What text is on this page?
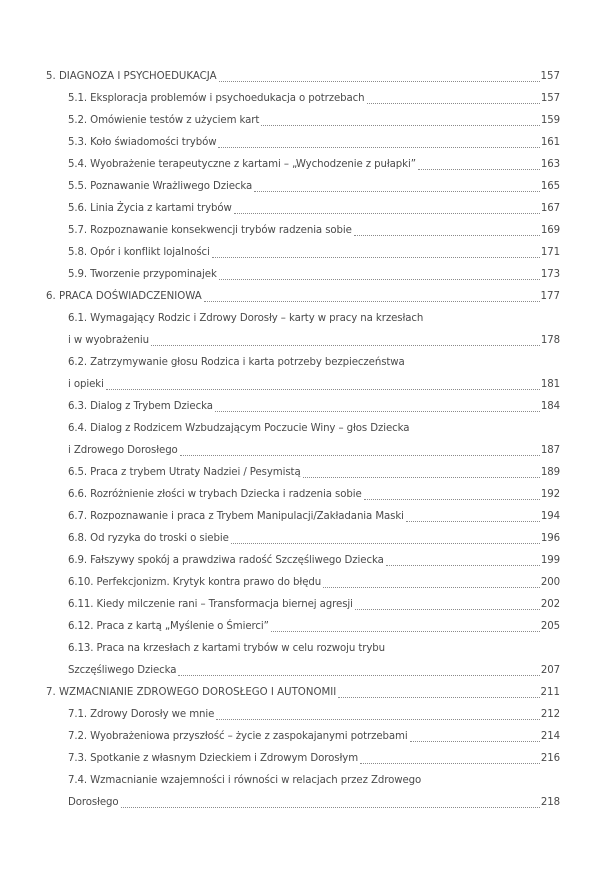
5. DIAGNOZA I PSYCHOEDUKACJA	157
5.1. Eksploracja problemów i psychoedukacja o potrzebach	157
5.2. Omówienie testów z użyciem kart	159
5.3. Koło świadomości trybów	161
5.4. Wyobrażenie terapeutyczne z kartami – „Wychodzenie z pułapki”	163
5.5. Poznawanie Wrażliwego Dziecka	165
5.6. Linia Życia z kartami trybów	167
5.7. Rozpoznawanie konsekwencji trybów radzenia sobie	169
5.8. Opór i konflikt lojalności	171
5.9. Tworzenie przypominajek	173
6. PRACA DOŚWIADCZENIOWA	177
6.1. Wymagający Rodzic i Zdrowy Dorosły – karty w pracy na krzesłach
i w wyobrażeniu	178
6.2. Zatrzymywanie głosu Rodzica i karta potrzeby bezpieczeństwa
i opieki	181
6.3. Dialog z Trybem Dziecka	184
6.4. Dialog z Rodzicem Wzbudzającym Poczucie Winy – głos Dziecka
i Zdrowego Dorosłego	187
6.5. Praca z trybem Utraty Nadziei / Pesymistą	189
6.6. Rozróżnienie złości w trybach Dziecka i radzenia sobie	192
6.7. Rozpoznawanie i praca z Trybem Manipulacji/Zakładania Maski	194
6.8. Od ryzyka do troski o siebie	196
6.9. Fałszywy spokój a prawdziwa radość Szczęśliwego Dziecka	199
6.10. Perfekcjonizm. Krytyk kontra prawo do błędu	200
6.11. Kiedy milczenie rani – Transformacja biernej agresji	202
6.12. Praca z kartą „Myślenie o Śmierci”	205
6.13. Praca na krzesłach z kartami trybów w celu rozwoju trybu
Szczęśliwego Dziecka	207
7. WZMACNIANIE ZDROWEGO DOROSŁEGO I AUTONOMII	211
7.1. Zdrowy Dorosły we mnie	212
7.2. Wyobrażeniowa przyszłość – życie z zaspokajanymi potrzebami	214
7.3. Spotkanie z własnym Dzieckiem i Zdrowym Dorosłym	216
7.4. Wzmacnianie wzajemności i równości w relacjach przez Zdrowego
Dorosłego	218
